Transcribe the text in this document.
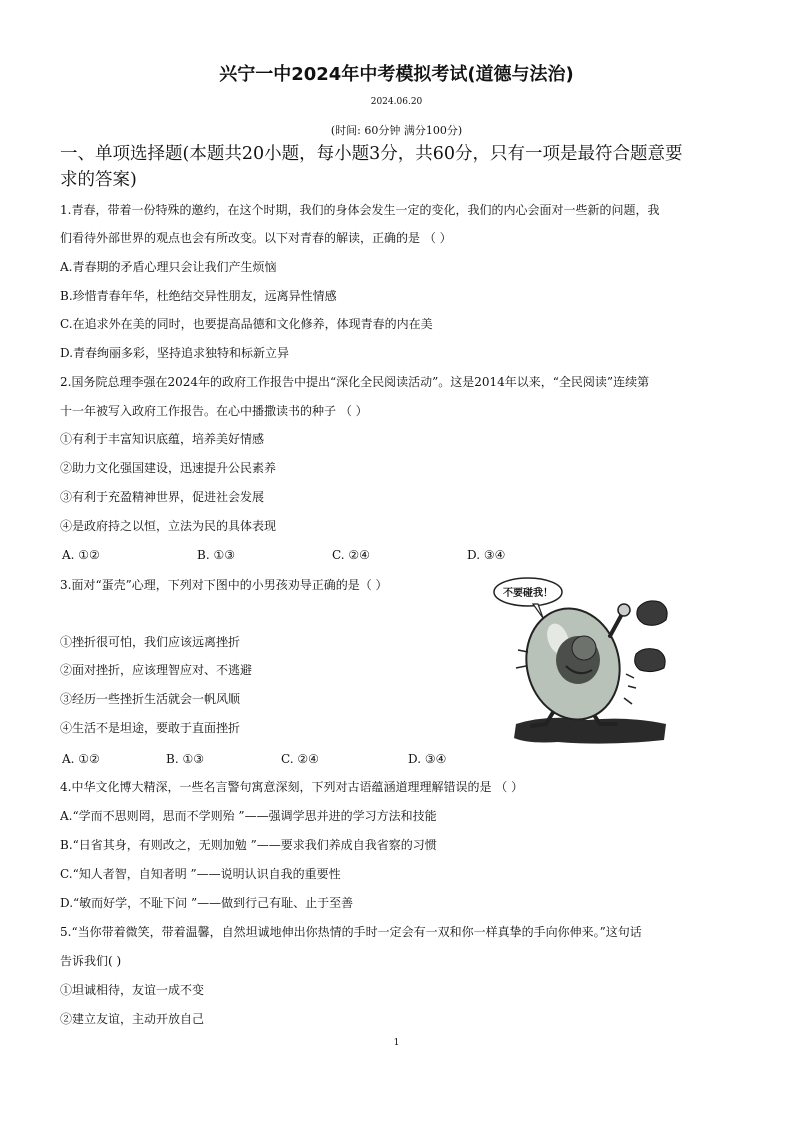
兴宁一中2024年中考模拟考试(道德与法治)
2024.06.20
(时间: 60分钟 满分100分)
一、单项选择题(本题共20小题，每小题3分，共60分，只有一项是最符合题意要
求的答案)
1.青春，带着一份特殊的邀约，在这个时期，我们的身体会发生一定的变化，我们的内心会面对一些新的问题，我
们看待外部世界的观点也会有所改变。以下对青春的解读，正确的是 （ ）
A.青春期的矛盾心理只会让我们产生烦恼
B.珍惜青春年华，杜绝结交异性朋友，远离异性情感
C.在追求外在美的同时，也要提高品德和文化修养，体现青春的内在美
D.青春绚丽多彩，坚持追求独特和标新立异
2.国务院总理李强在2024年的政府工作报告中提出“深化全民阅读活动”。这是2014年以来，“全民阅读”连续第
十一年被写入政府工作报告。在心中播撒读书的种子 （ ）
①有利于丰富知识底蕴，培养美好情感
②助力文化强国建设，迅速提升公民素养
③有利于充盈精神世界，促进社会发展
④是政府持之以恒，立法为民的具体表现
A. ①②	B. ①③	C. ②④	D. ③④
3.面对“蛋壳”心理，下列对下图中的小男孩劝导正确的是（ ）
①挫折很可怕，我们应该远离挫折
②面对挫折，应该理智应对、不逃避
③经历一些挫折生活就会一帆风顺
④生活不是坦途，要敢于直面挫折
A. ①②	B. ①③	C. ②④	D. ③④
不要碰我！
4.中华文化博大精深，一些名言警句寓意深刻，下列对古语蕴涵道理理解错误的是 （ ）
A.“学而不思则罔，思而不学则殆 ”——强调学思并进的学习方法和技能
B.“日省其身，有则改之，无则加勉 ”——要求我们养成自我省察的习惯
C.“知人者智，自知者明 ”——说明认识自我的重要性
D.“敏而好学，不耻下问 ”——做到行己有耻、止于至善
5.“当你带着微笑，带着温馨，自然坦诚地伸出你热情的手时一定会有一双和你一样真挚的手向你伸来。”这句话
告诉我们( )
①坦诚相待，友谊一成不变
②建立友谊，主动开放自己
1
